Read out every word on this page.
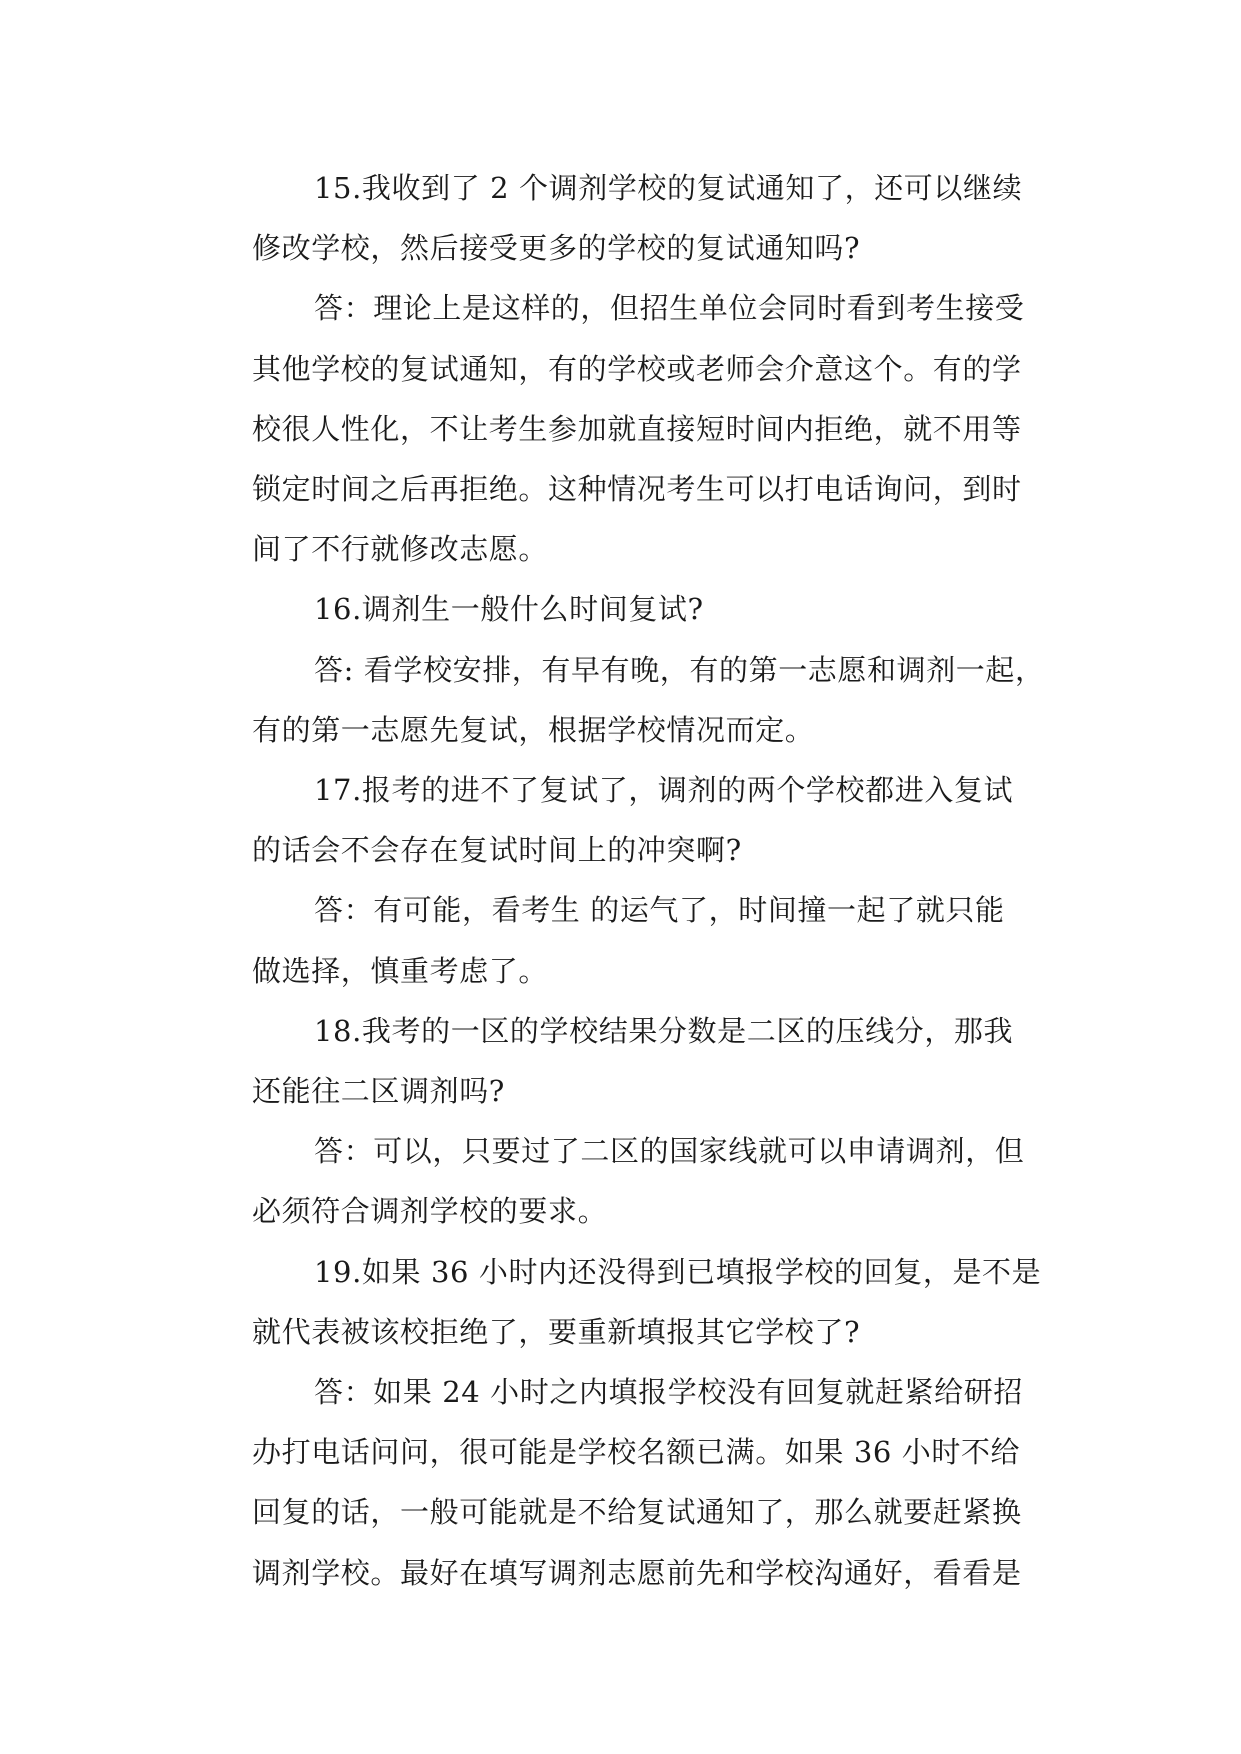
15.我收到了 2 个调剂学校的复试通知了，还可以继续
修改学校，然后接受更多的学校的复试通知吗?
答：理论上是这样的，但招生单位会同时看到考生接受
其他学校的复试通知，有的学校或老师会介意这个。有的学
校很人性化，不让考生参加就直接短时间内拒绝，就不用等
锁定时间之后再拒绝。这种情况考生可以打电话询问，到时
间了不行就修改志愿。
16.调剂生一般什么时间复试?
答: 看学校安排，有早有晚，有的第一志愿和调剂一起，
有的第一志愿先复试，根据学校情况而定。
17.报考的进不了复试了，调剂的两个学校都进入复试
的话会不会存在复试时间上的冲突啊?
答：有可能，看考生 的运气了，时间撞一起了就只能
做选择，慎重考虑了。
18.我考的一区的学校结果分数是二区的压线分，那我
还能往二区调剂吗?
答：可以，只要过了二区的国家线就可以申请调剂，但
必须符合调剂学校的要求。
19.如果 36 小时内还没得到已填报学校的回复，是不是
就代表被该校拒绝了，要重新填报其它学校了?
答：如果 24 小时之内填报学校没有回复就赶紧给研招
办打电话问问，很可能是学校名额已满。如果 36 小时不给
回复的话，一般可能就是不给复试通知了，那么就要赶紧换
调剂学校。最好在填写调剂志愿前先和学校沟通好，看看是
